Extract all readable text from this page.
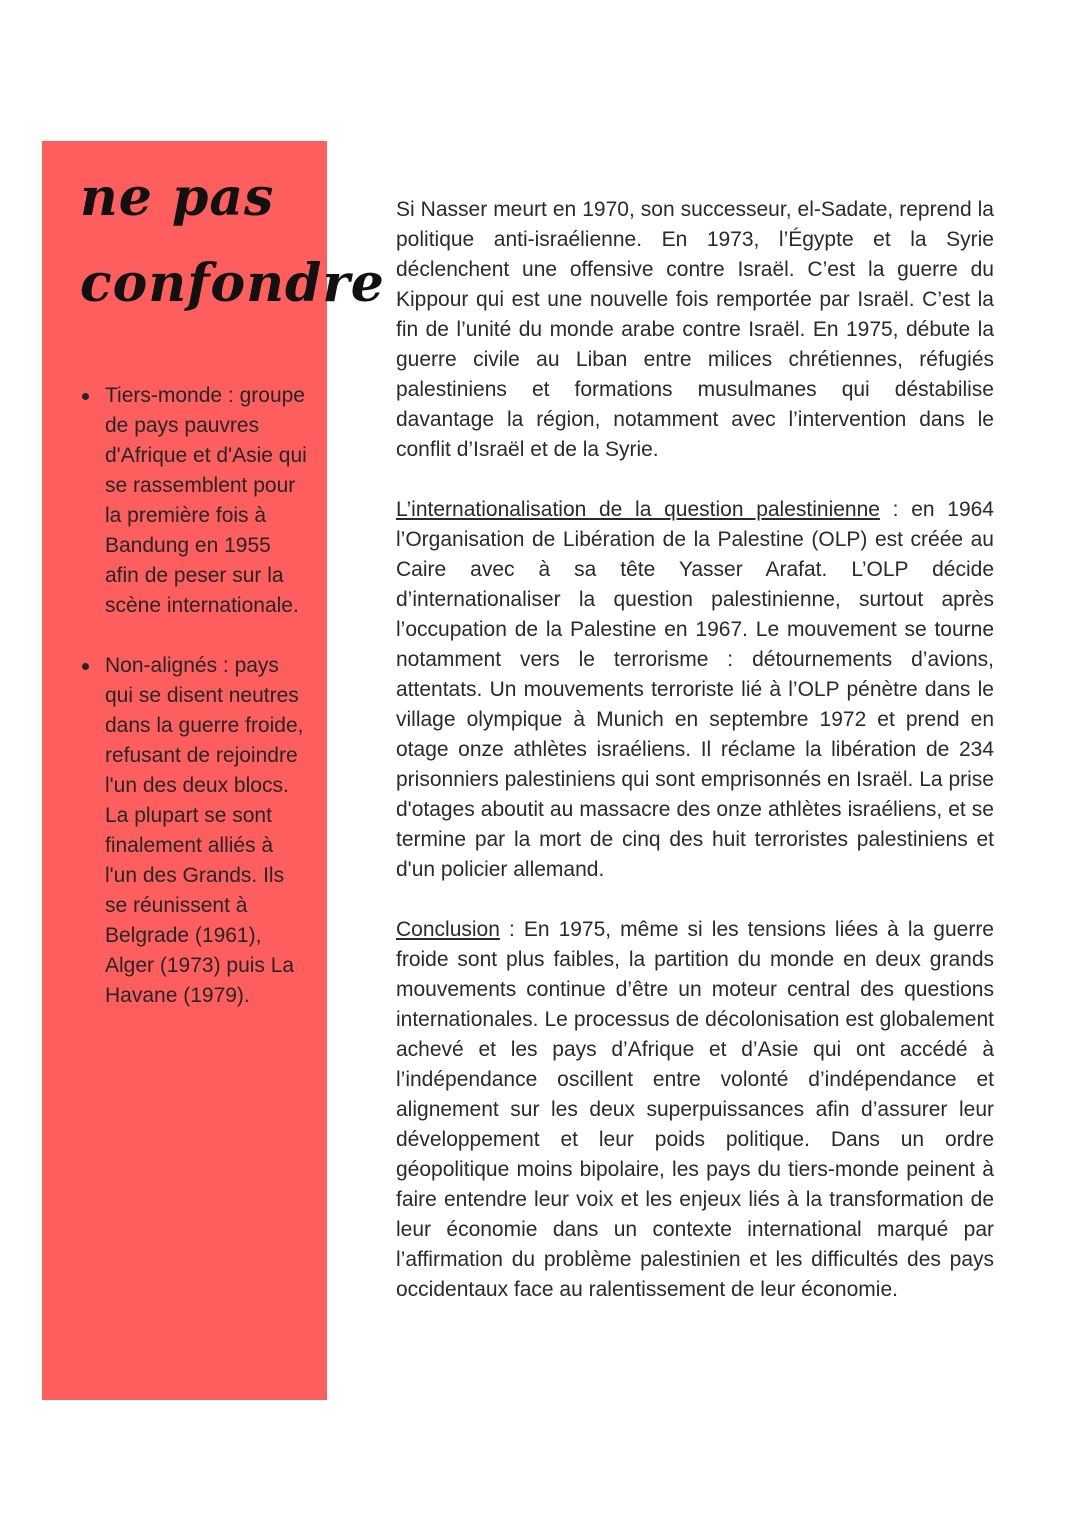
ne pas
confondre
Tiers-monde : groupe de pays pauvres d'Afrique et d'Asie qui se rassemblent pour la première fois à Bandung en 1955 afin de peser sur la scène internationale.
Non-alignés : pays qui se disent neutres dans la guerre froide, refusant de rejoindre l'un des deux blocs. La plupart se sont finalement alliés à l'un des Grands. Ils se réunissent à Belgrade (1961), Alger (1973) puis La Havane (1979).

Si Nasser meurt en 1970, son successeur, el-Sadate, reprend la politique anti-israélienne. En 1973, l’Égypte et la Syrie déclenchent une offensive contre Israël. C’est la guerre du Kippour qui est une nouvelle fois remportée par Israël. C’est la fin de l’unité du monde arabe contre Israël. En 1975, débute la guerre civile au Liban entre milices chrétiennes, réfugiés palestiniens et formations musulmanes qui déstabilise davantage la région, notamment avec l’intervention dans le conflit d’Israël et de la Syrie.

L’internationalisation de la question palestinienne : en 1964 l’Organisation de Libération de la Palestine (OLP) est créée au Caire avec à sa tête Yasser Arafat. L’OLP décide d’internationaliser la question palestinienne, surtout après l’occupation de la Palestine en 1967. Le mouvement se tourne notamment vers le terrorisme : détournements d’avions, attentats. Un mouvements terroriste lié à l’OLP pénètre dans le village olympique à Munich en septembre 1972 et prend en otage onze athlètes israéliens. Il réclame la libération de 234 prisonniers palestiniens qui sont emprisonnés en Israël. La prise d'otages aboutit au massacre des onze athlètes israéliens, et se termine par la mort de cinq des huit terroristes palestiniens et d'un policier allemand.

Conclusion : En 1975, même si les tensions liées à la guerre froide sont plus faibles, la partition du monde en deux grands mouvements continue d’être un moteur central des questions internationales. Le processus de décolonisation est globalement achevé et les pays d’Afrique et d’Asie qui ont accédé à l’indépendance oscillent entre volonté d’indépendance et alignement sur les deux superpuissances afin d’assurer leur développement et leur poids politique. Dans un ordre géopolitique moins bipolaire, les pays du tiers-monde peinent à faire entendre leur voix et les enjeux liés à la transformation de leur économie dans un contexte international marqué par l’affirmation du problème palestinien et les difficultés des pays occidentaux face au ralentissement de leur économie.
